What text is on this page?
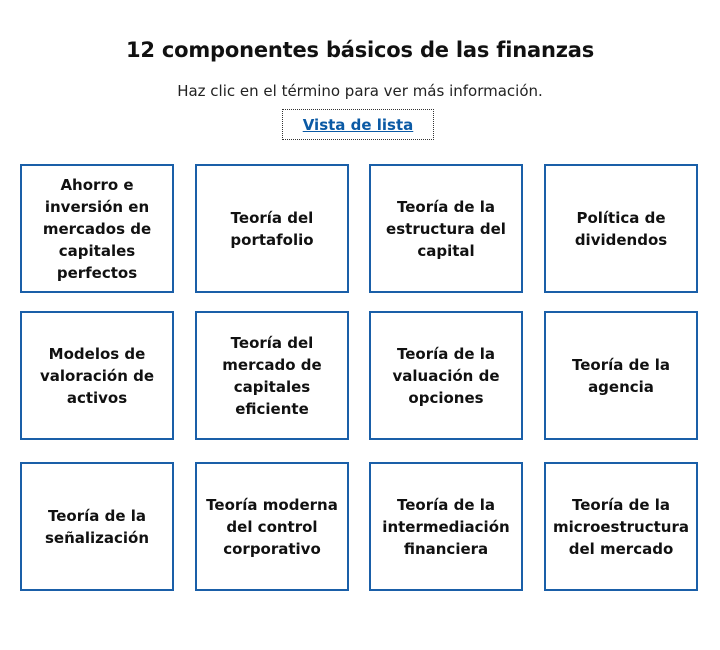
12 componentes básicos de las finanzas
Haz clic en el término para ver más información.
Vista de lista
Ahorro e inversión en mercados de capitales perfectos
Teoría del portafolio
Teoría de la estructura del capital
Política de dividendos
Modelos de valoración de activos
Teoría del mercado de capitales eficiente
Teoría de la valuación de opciones
Teoría de la agencia
Teoría de la señalización
Teoría moderna del control corporativo
Teoría de la intermediación financiera
Teoría de la microestructura del mercado
